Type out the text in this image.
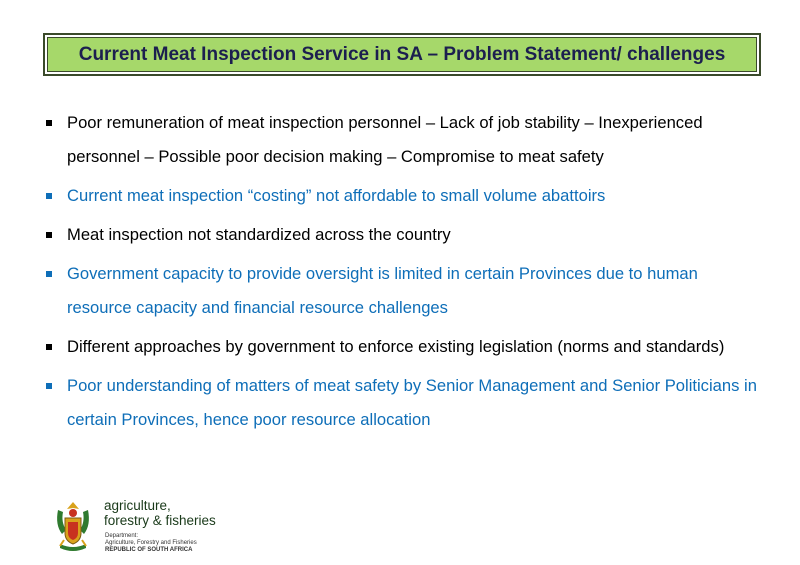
Current Meat Inspection Service in SA – Problem Statement/ challenges
Poor remuneration of meat inspection personnel – Lack of job stability – Inexperienced personnel – Possible poor decision making – Compromise to meat safety
Current meat inspection “costing” not affordable to small volume abattoirs
Meat inspection not standardized across the country
Government capacity to provide oversight is limited in certain Provinces due to human resource capacity and financial resource challenges
Different approaches by government to enforce existing legislation (norms and standards)
Poor understanding of matters of meat safety by Senior Management and Senior Politicians in certain Provinces, hence poor resource allocation
agriculture,
forestry & fisheries
Department:
Agriculture, Forestry and Fisheries
REPUBLIC OF SOUTH AFRICA
